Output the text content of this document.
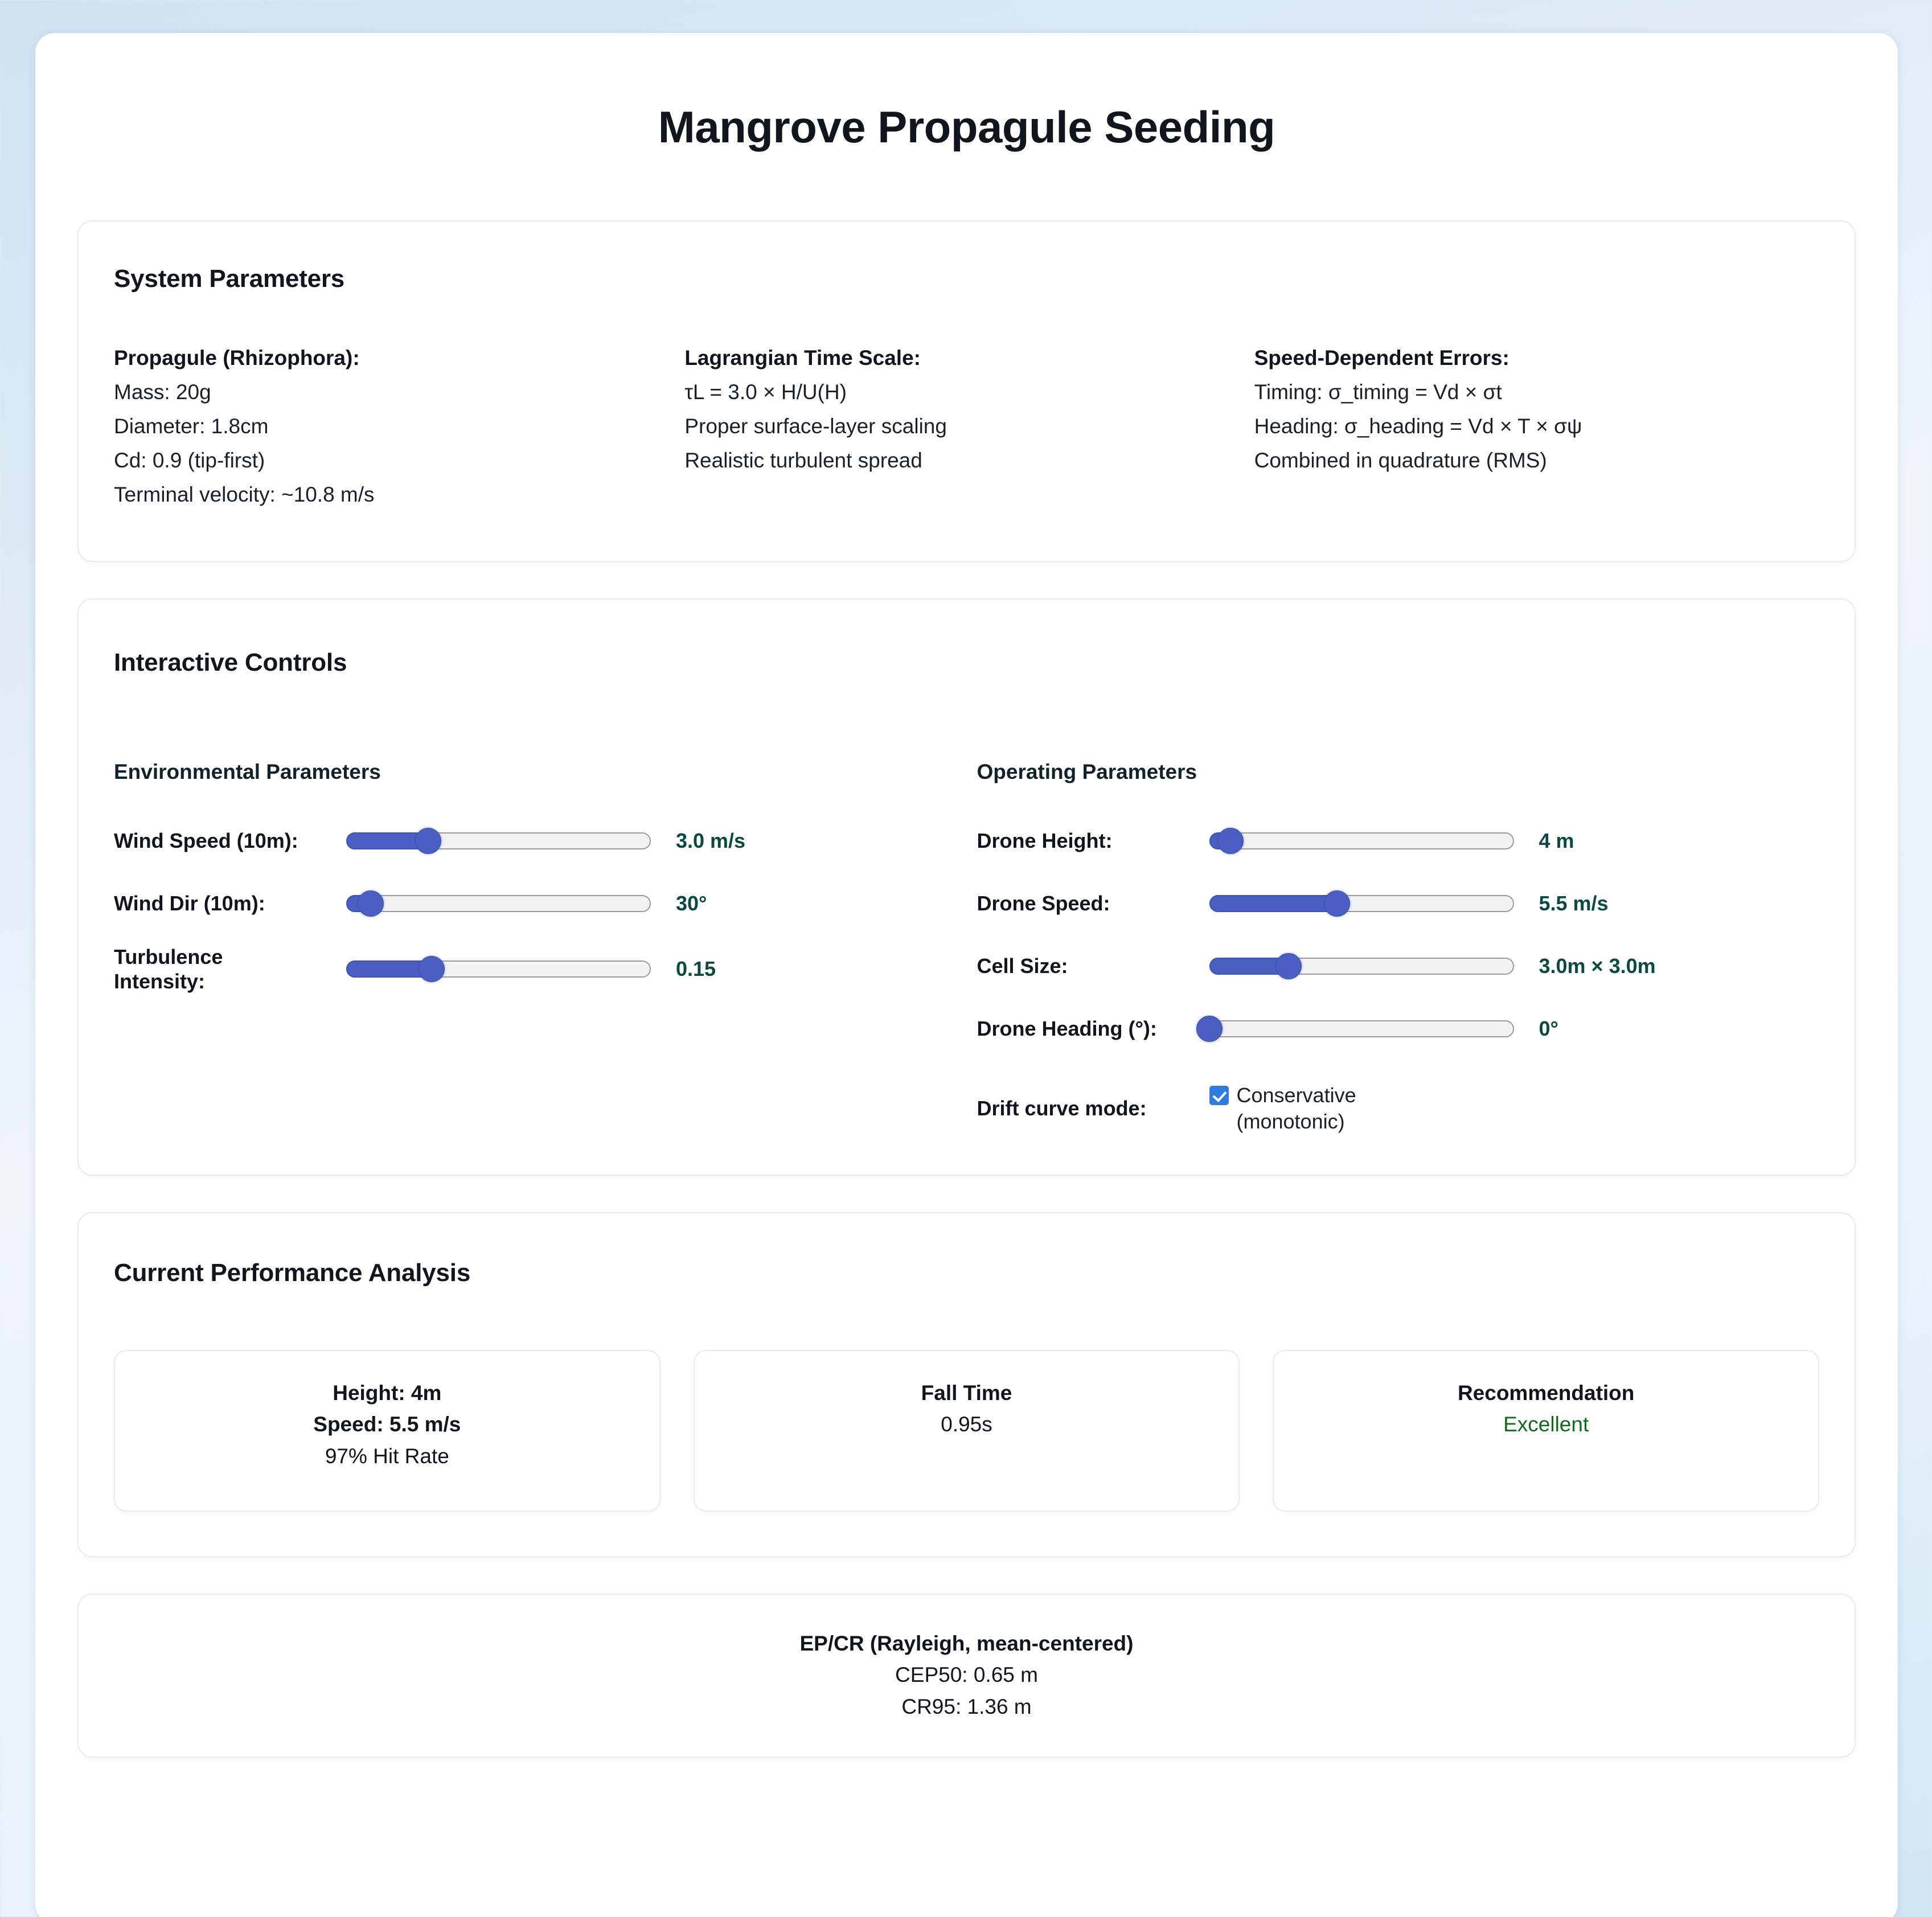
Mangrove Propagule Seeding
System Parameters
Propagule (Rhizophora):
Mass: 20g
Diameter: 1.8cm
Cd: 0.9 (tip-first)
Terminal velocity: ~10.8 m/s
Lagrangian Time Scale:
τL = 3.0 × H/U(H)
Proper surface-layer scaling
Realistic turbulent spread
Speed-Dependent Errors:
Timing: σ_timing = Vd × σt
Heading: σ_heading = Vd × T × σψ
Combined in quadrature (RMS)
Interactive Controls
Environmental Parameters
Wind Speed (10m):	3.0 m/s
Wind Dir (10m):	30°
Turbulence
Intensity:
0.15
Operating Parameters
Drone Height:	4 m
Drone Speed:	5.5 m/s
Cell Size:	3.0m × 3.0m
Drone Heading (°):	0°
Drift curve mode:
Conservative
(monotonic)
Current Performance Analysis
Height: 4m
Speed: 5.5 m/s
97% Hit Rate
Fall Time
0.95s
Recommendation
Excellent
EP/CR (Rayleigh, mean-centered)
CEP50: 0.65 m
CR95: 1.36 m
